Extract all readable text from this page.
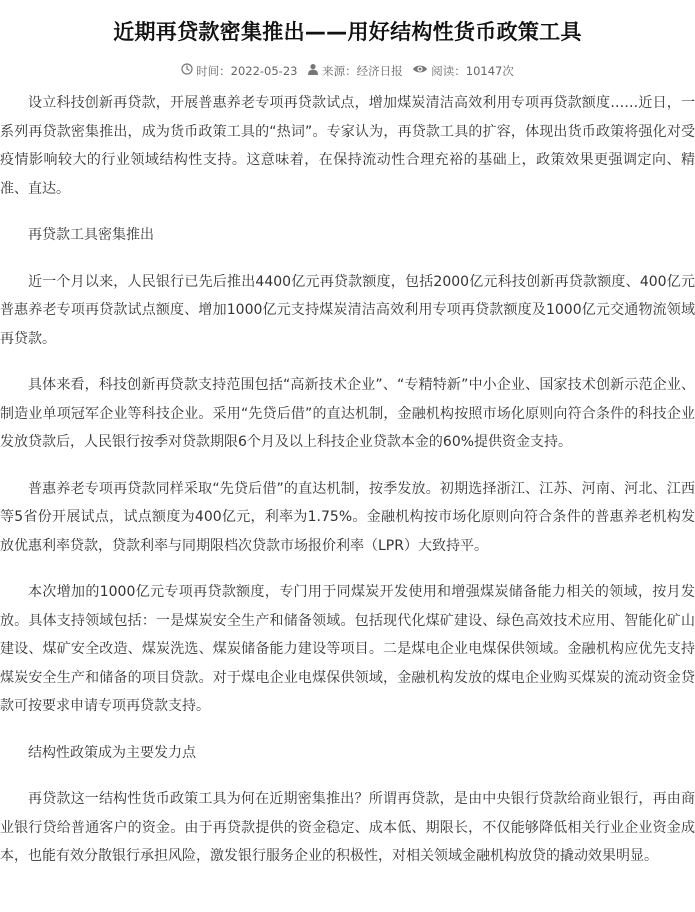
近期再贷款密集推出——用好结构性货币政策工具
时间：2022-05-23 来源：经济日报 阅读：10147次

设立科技创新再贷款，开展普惠养老专项再贷款试点，增加煤炭清洁高效利用专项再贷款额度……近日，一系列再贷款密集推出，成为货币政策工具的“热词”。专家认为，再贷款工具的扩容，体现出货币政策将强化对受疫情影响较大的行业领域结构性支持。这意味着，在保持流动性合理充裕的基础上，政策效果更强调定向、精准、直达。

再贷款工具密集推出

近一个月以来，人民银行已先后推出4400亿元再贷款额度，包括2000亿元科技创新再贷款额度、400亿元普惠养老专项再贷款试点额度、增加1000亿元支持煤炭清洁高效利用专项再贷款额度及1000亿元交通物流领域再贷款。

具体来看，科技创新再贷款支持范围包括“高新技术企业”、“专精特新”中小企业、国家技术创新示范企业、制造业单项冠军企业等科技企业。采用“先贷后借”的直达机制，金融机构按照市场化原则向符合条件的科技企业发放贷款后，人民银行按季对贷款期限6个月及以上科技企业贷款本金的60%提供资金支持。

普惠养老专项再贷款同样采取“先贷后借”的直达机制，按季发放。初期选择浙江、江苏、河南、河北、江西等5省份开展试点，试点额度为400亿元，利率为1.75%。金融机构按市场化原则向符合条件的普惠养老机构发放优惠利率贷款，贷款利率与同期限档次贷款市场报价利率（LPR）大致持平。

本次增加的1000亿元专项再贷款额度，专门用于同煤炭开发使用和增强煤炭储备能力相关的领域，按月发放。具体支持领域包括：一是煤炭安全生产和储备领域。包括现代化煤矿建设、绿色高效技术应用、智能化矿山建设、煤矿安全改造、煤炭洗选、煤炭储备能力建设等项目。二是煤电企业电煤保供领域。金融机构应优先支持煤炭安全生产和储备的项目贷款。对于煤电企业电煤保供领域，金融机构发放的煤电企业购买煤炭的流动资金贷款可按要求申请专项再贷款支持。

结构性政策成为主要发力点

再贷款这一结构性货币政策工具为何在近期密集推出？所谓再贷款，是由中央银行贷款给商业银行，再由商业银行贷给普通客户的资金。由于再贷款提供的资金稳定、成本低、期限长，不仅能够降低相关行业企业资金成本，也能有效分散银行承担风险，激发银行服务企业的积极性，对相关领域金融机构放贷的撬动效果明显。
